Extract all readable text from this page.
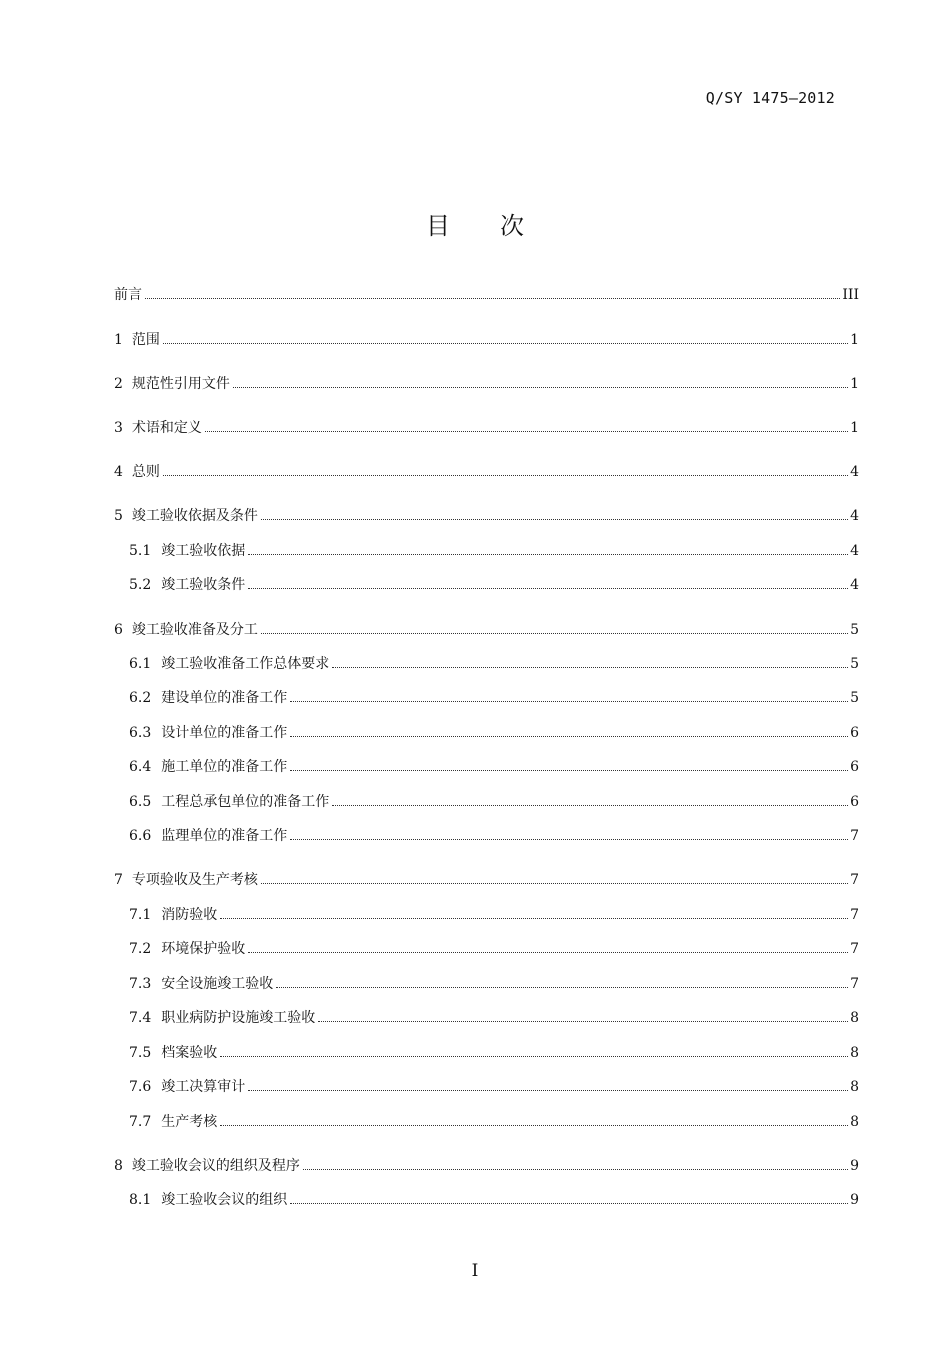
Q/SY 1475—2012
目 次
前言	III
1 范围	1
2 规范性引用文件	1
3 术语和定义	1
4 总则	4
5 竣工验收依据及条件	4
5.1 竣工验收依据	4
5.2 竣工验收条件	4
6 竣工验收准备及分工	5
6.1 竣工验收准备工作总体要求	5
6.2 建设单位的准备工作	5
6.3 设计单位的准备工作	6
6.4 施工单位的准备工作	6
6.5 工程总承包单位的准备工作	6
6.6 监理单位的准备工作	7
7 专项验收及生产考核	7
7.1 消防验收	7
7.2 环境保护验收	7
7.3 安全设施竣工验收	7
7.4 职业病防护设施竣工验收	8
7.5 档案验收	8
7.6 竣工决算审计	8
7.7 生产考核	8
8 竣工验收会议的组织及程序	9
8.1 竣工验收会议的组织	9
I
